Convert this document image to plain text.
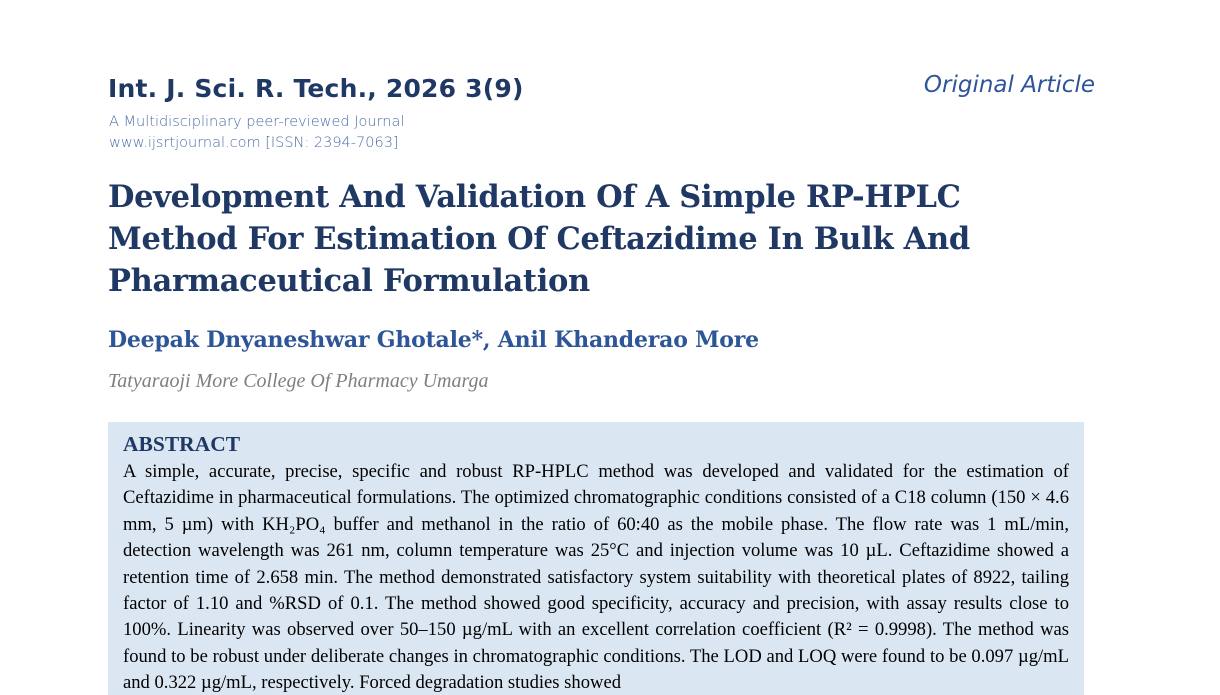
Int. J. Sci. R. Tech., 2026 3(9)	Original Article
A Multidisciplinary peer-reviewed Journal
www.ijsrtjournal.com [ISSN: 2394-7063]
Development And Validation Of A Simple RP-HPLC Method For Estimation Of Ceftazidime In Bulk And Pharmaceutical Formulation
Deepak Dnyaneshwar Ghotale*, Anil Khanderao More
Tatyaraoji More College Of Pharmacy Umarga
ABSTRACT

A simple, accurate, precise, specific and robust RP-HPLC method was developed and validated for the estimation of Ceftazidime in pharmaceutical formulations. The optimized chromatographic conditions consisted of a C18 column (150 × 4.6 mm, 5 µm) with KH₂PO₄ buffer and methanol in the ratio of 60:40 as the mobile phase. The flow rate was 1 mL/min, detection wavelength was 261 nm, column temperature was 25°C and injection volume was 10 µL. Ceftazidime showed a retention time of 2.658 min. The method demonstrated satisfactory system suitability with theoretical plates of 8922, tailing factor of 1.10 and %RSD of 0.1. The method showed good specificity, accuracy and precision, with assay results close to 100%. Linearity was observed over 50–150 µg/mL with an excellent correlation coefficient (R² = 0.9998). The method was found to be robust under deliberate changes in chromatographic conditions. The LOD and LOQ were found to be 0.097 µg/mL and 0.322 µg/mL, respectively. Forced degradation studies showed
